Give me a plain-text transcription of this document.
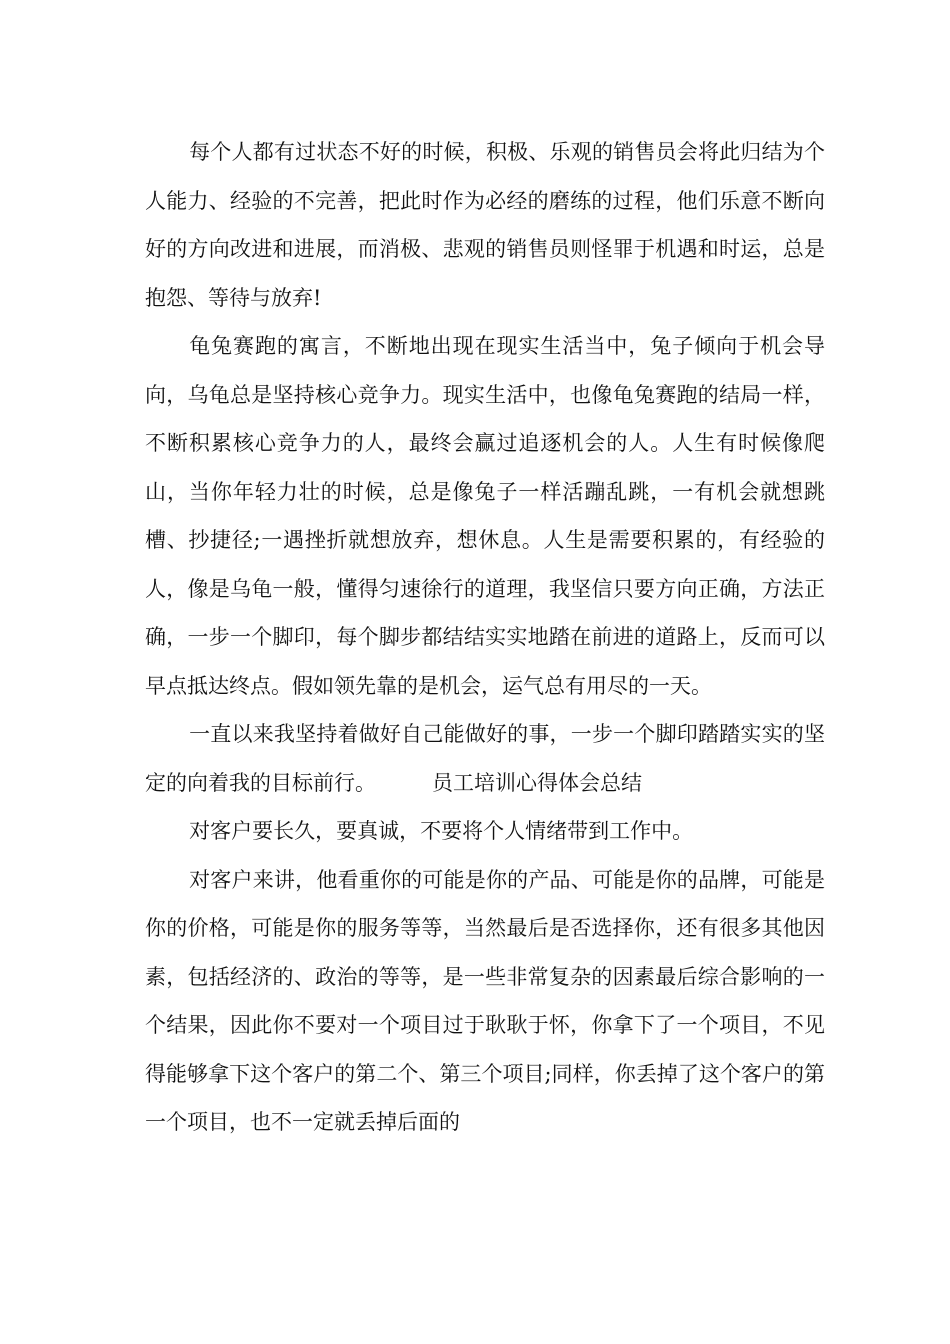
每个人都有过状态不好的时候，积极、乐观的销售员会将此归结为个人能力、经验的不完善，把此时作为必经的磨练的过程，他们乐意不断向好的方向改进和进展，而消极、悲观的销售员则怪罪于机遇和时运，总是抱怨、等待与放弃!

龟兔赛跑的寓言，不断地出现在现实生活当中，兔子倾向于机会导向，乌龟总是坚持核心竞争力。现实生活中，也像龟兔赛跑的结局一样，不断积累核心竞争力的人，最终会赢过追逐机会的人。人生有时候像爬山，当你年轻力壮的时候，总是像兔子一样活蹦乱跳，一有机会就想跳槽、抄捷径;一遇挫折就想放弃，想休息。人生是需要积累的，有经验的人，像是乌龟一般，懂得匀速徐行的道理，我坚信只要方向正确，方法正确，一步一个脚印，每个脚步都结结实实地踏在前进的道路上，反而可以早点抵达终点。假如领先靠的是机会，运气总有用尽的一天。

一直以来我坚持着做好自己能做好的事，一步一个脚印踏踏实实的坚定的向着我的目标前行。	员工培训心得体会总结

对客户要长久，要真诚，不要将个人情绪带到工作中。

对客户来讲，他看重你的可能是你的产品、可能是你的品牌，可能是你的价格，可能是你的服务等等，当然最后是否选择你，还有很多其他因素，包括经济的、政治的等等，是一些非常复杂的因素最后综合影响的一个结果，因此你不要对一个项目过于耿耿于怀，你拿下了一个项目，不见得能够拿下这个客户的第二个、第三个项目;同样，你丢掉了这个客户的第一个项目，也不一定就丢掉后面的
